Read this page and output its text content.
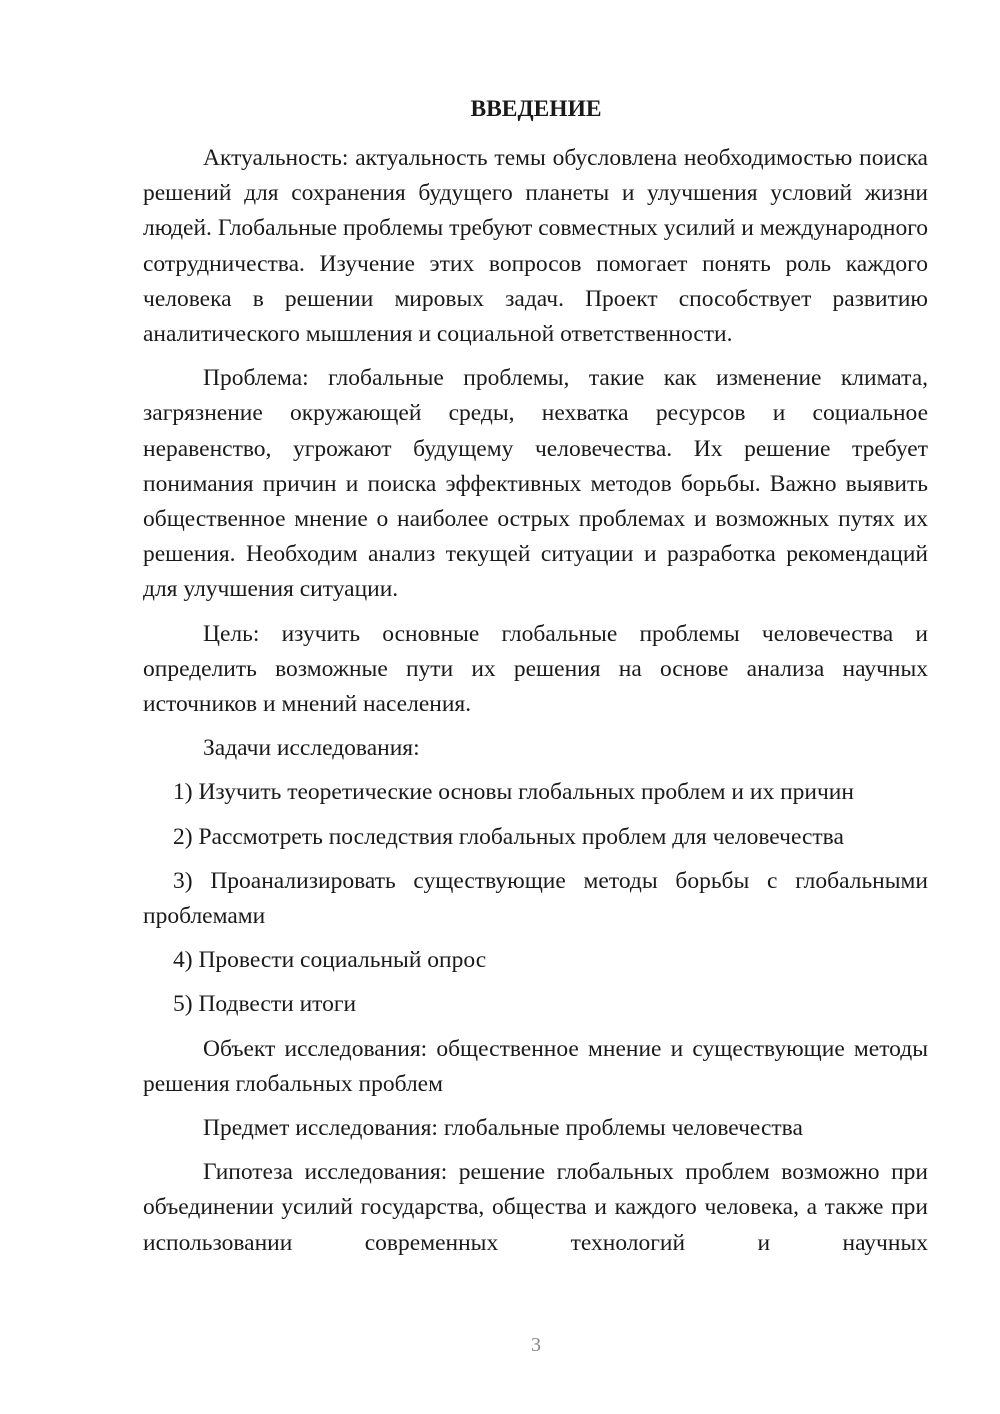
ВВЕДЕНИЕ

Актуальность: актуальность темы обусловлена необходимостью поиска решений для сохранения будущего планеты и улучшения условий жизни людей. Глобальные проблемы требуют совместных усилий и международного сотрудничества. Изучение этих вопросов помогает понять роль каждого человека в решении мировых задач. Проект способствует развитию аналитического мышления и социальной ответственности.

Проблема: глобальные проблемы, такие как изменение климата, загрязнение окружающей среды, нехватка ресурсов и социальное неравенство, угрожают будущему человечества. Их решение требует понимания причин и поиска эффективных методов борьбы. Важно выявить общественное мнение о наиболее острых проблемах и возможных путях их решения. Необходим анализ текущей ситуации и разработка рекомендаций для улучшения ситуации.

Цель: изучить основные глобальные проблемы человечества и определить возможные пути их решения на основе анализа научных источников и мнений населения.

Задачи исследования:

1) Изучить теоретические основы глобальных проблем и их причин

2) Рассмотреть последствия глобальных проблем для человечества

3) Проанализировать существующие методы борьбы с глобальными проблемами

4) Провести социальный опрос

5) Подвести итоги

Объект исследования: общественное мнение и существующие методы решения глобальных проблем

Предмет исследования: глобальные проблемы человечества

Гипотеза исследования: решение глобальных проблем возможно при объединении усилий государства, общества и каждого человека, а также при использовании современных технологий и научных

3
